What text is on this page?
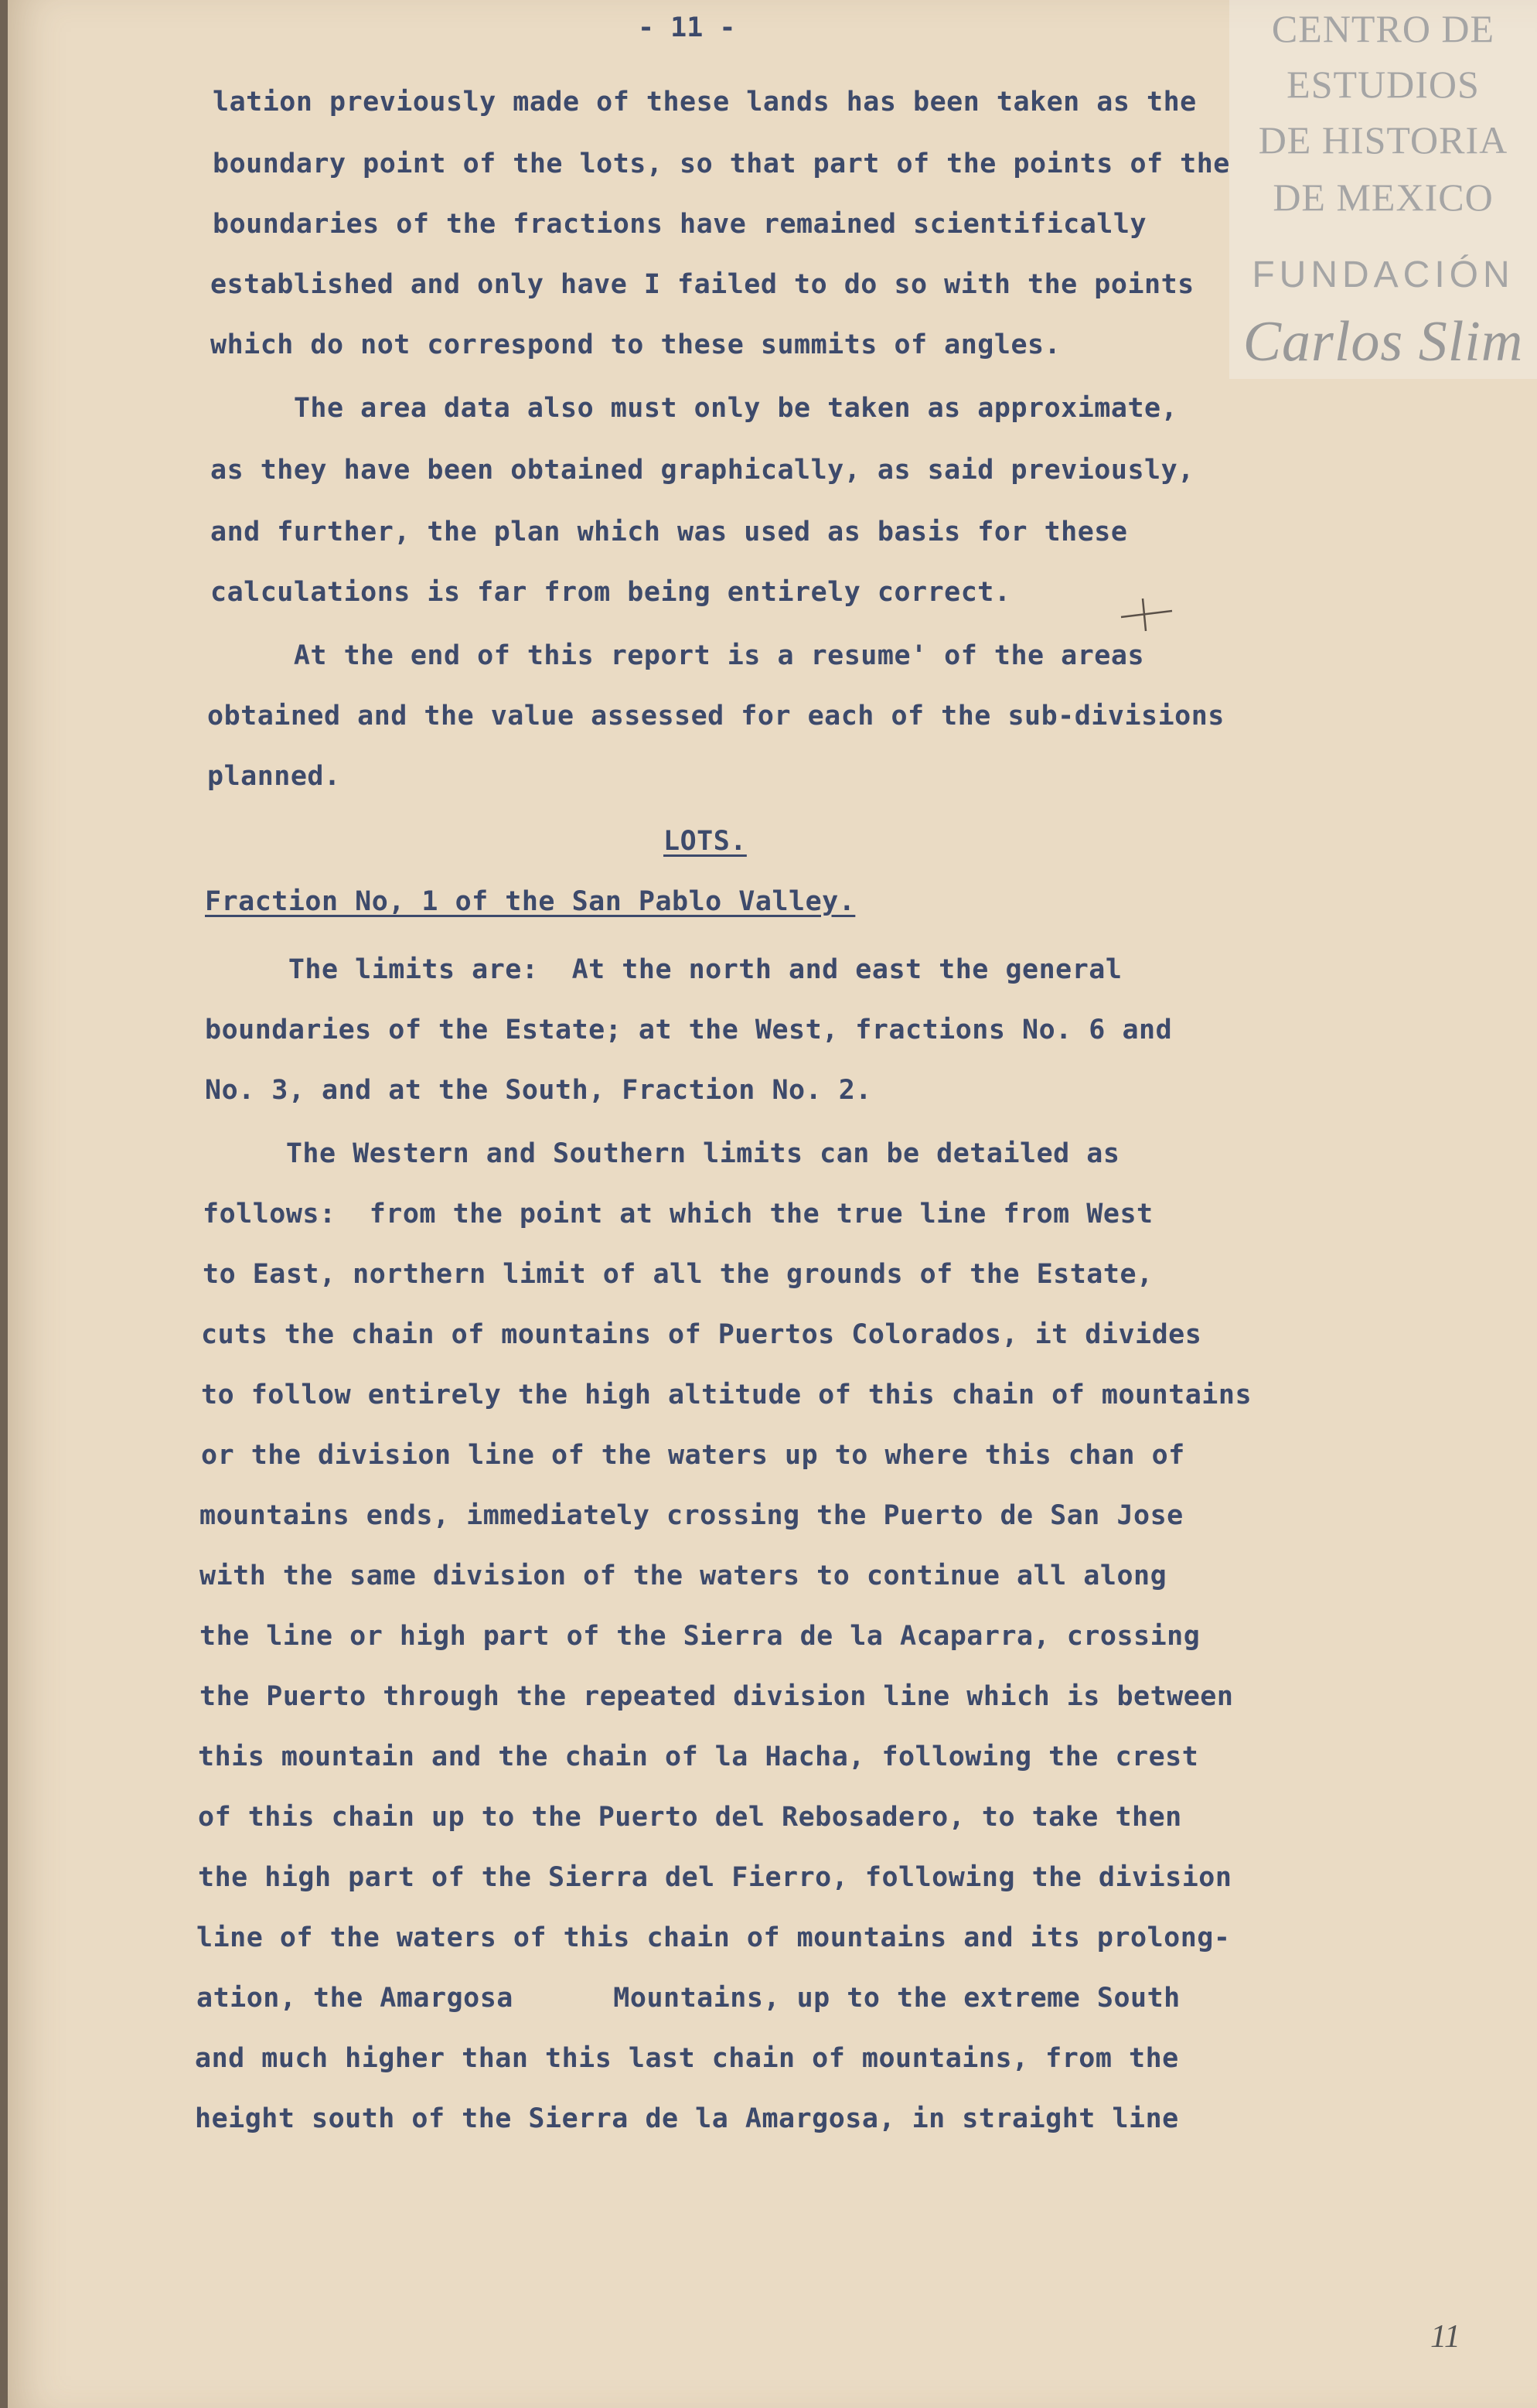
- 11 -

lation previously made of these lands has been taken as the

boundary point of the lots, so that part of the points of the

boundaries of the fractions have remained scientifically

established and only have I failed to do so with the points

which do not correspond to these summits of angles.

The area data also must only be taken as approximate,

as they have been obtained graphically, as said previously,

and further, the plan which was used as basis for these

calculations is far from being entirely correct.

At the end of this report is a resume' of the areas

obtained and the value assessed for each of the sub-divisions

planned.

LOTS.

Fraction No, 1 of the San Pablo Valley.

The limits are:  At the north and east the general

boundaries of the Estate; at the West, fractions No. 6 and

No. 3, and at the South, Fraction No. 2.

The Western and Southern limits can be detailed as

follows:  from the point at which the true line from West

to East, northern limit of all the grounds of the Estate,

cuts the chain of mountains of Puertos Colorados, it divides

to follow entirely the high altitude of this chain of mountains

or the division line of the waters up to where this chan of

mountains ends, immediately crossing the Puerto de San Jose

with the same division of the waters to continue all along

the line or high part of the Sierra de la Acaparra, crossing

the Puerto through the repeated division line which is between

this mountain and the chain of la Hacha, following the crest

of this chain up to the Puerto del Rebosadero, to take then

the high part of the Sierra del Fierro, following the division

line of the waters of this chain of mountains and its prolong-

ation, the Amargosa      Mountains, up to the extreme South

and much higher than this last chain of mountains, from the

height south of the Sierra de la Amargosa, in straight line

11
CENTRO DE
ESTUDIOS
DE HISTORIA
DE MEXICO
FUNDACIÓN
Carlos Slim
